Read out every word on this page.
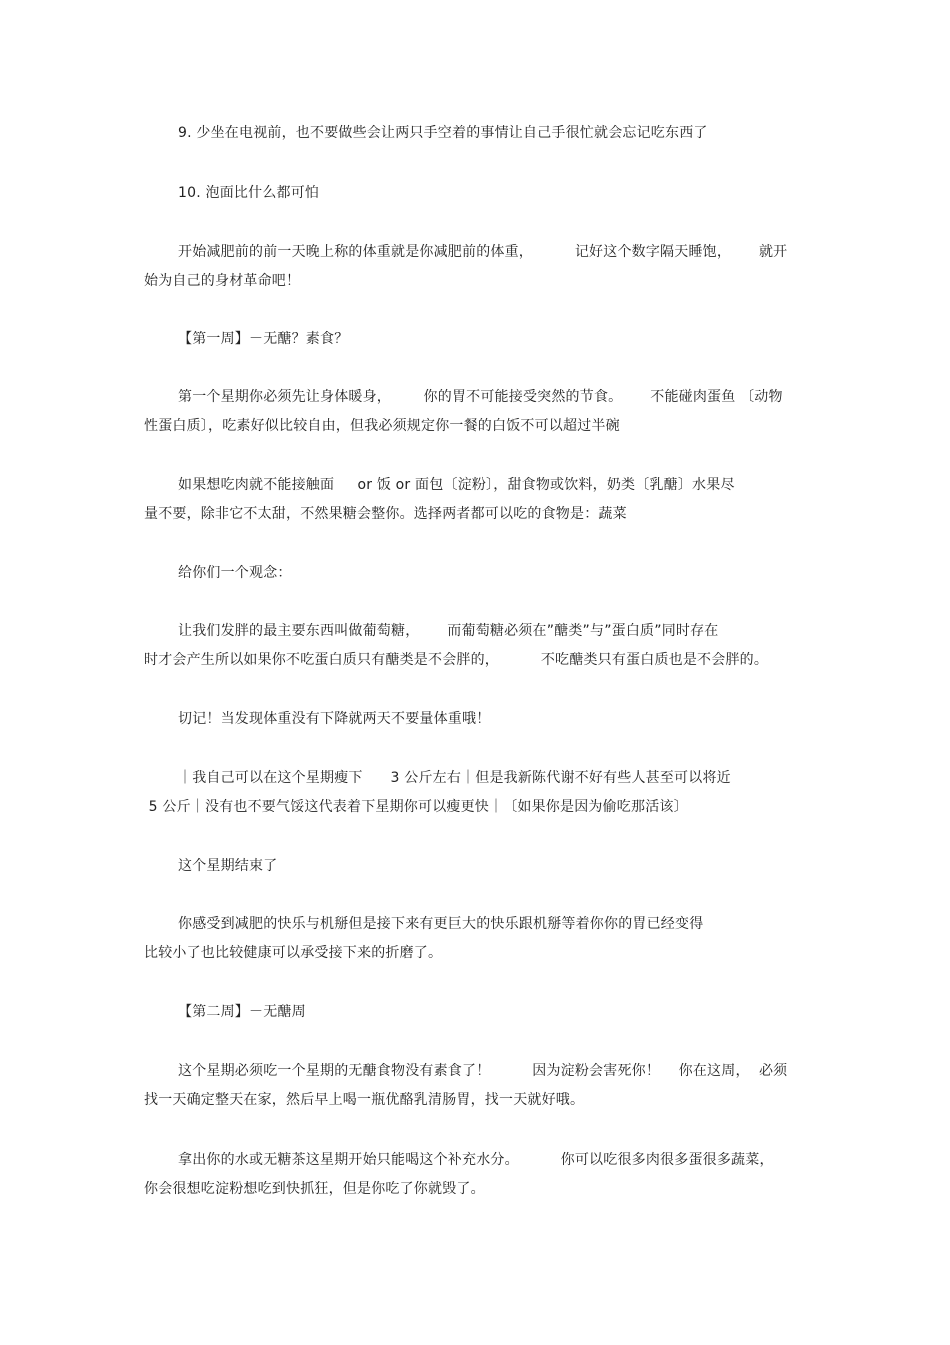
9. 少坐在电视前，也不要做些会让两只手空着的事情让自己手很忙就会忘记吃东西了
10. 泡面比什么都可怕
开始减肥前的前一天晚上称的体重就是你减肥前的体重，         记好这个数字隔天睡饱，      就开
始为自己的身材革命吧！
【第一周】－无醣？素食？
第一个星期你必须先让身体暖身，       你的胃不可能接受突然的节食。      不能碰肉蛋鱼 〔动物
性蛋白质〕，吃素好似比较自由，但我必须规定你一餐的白饭不可以超过半碗
如果想吃肉就不能接触面     or 饭 or 面包〔淀粉〕，甜食物或饮料，奶类〔乳醣〕水果尽
量不要，除非它不太甜，不然果糖会整你。选择两者都可以吃的食物是：蔬菜
给你们一个观念：
让我们发胖的最主要东西叫做葡萄糖，      而葡萄糖必须在”醣类”与”蛋白质”同时存在
时才会产生所以如果你不吃蛋白质只有醣类是不会胖的，         不吃醣类只有蛋白质也是不会胖的。
切记！当发现体重没有下降就两天不要量体重哦！
｜我自己可以在这个星期瘦下      3 公斤左右｜但是我新陈代谢不好有些人甚至可以将近
5 公斤｜没有也不要气馁这代表着下星期你可以瘦更快｜〔如果你是因为偷吃那活该〕
这个星期结束了
你感受到减肥的快乐与机掰但是接下来有更巨大的快乐跟机掰等着你你的胃已经变得
比较小了也比较健康可以承受接下来的折磨了。
【第二周】－无醣周
这个星期必须吃一个星期的无醣食物没有素食了！         因为淀粉会害死你！    你在这周，  必须
找一天确定整天在家，然后早上喝一瓶优酪乳清肠胃，找一天就好哦。
拿出你的水或无糖茶这星期开始只能喝这个补充水分。         你可以吃很多肉很多蛋很多蔬菜，
你会很想吃淀粉想吃到快抓狂，但是你吃了你就毁了。
